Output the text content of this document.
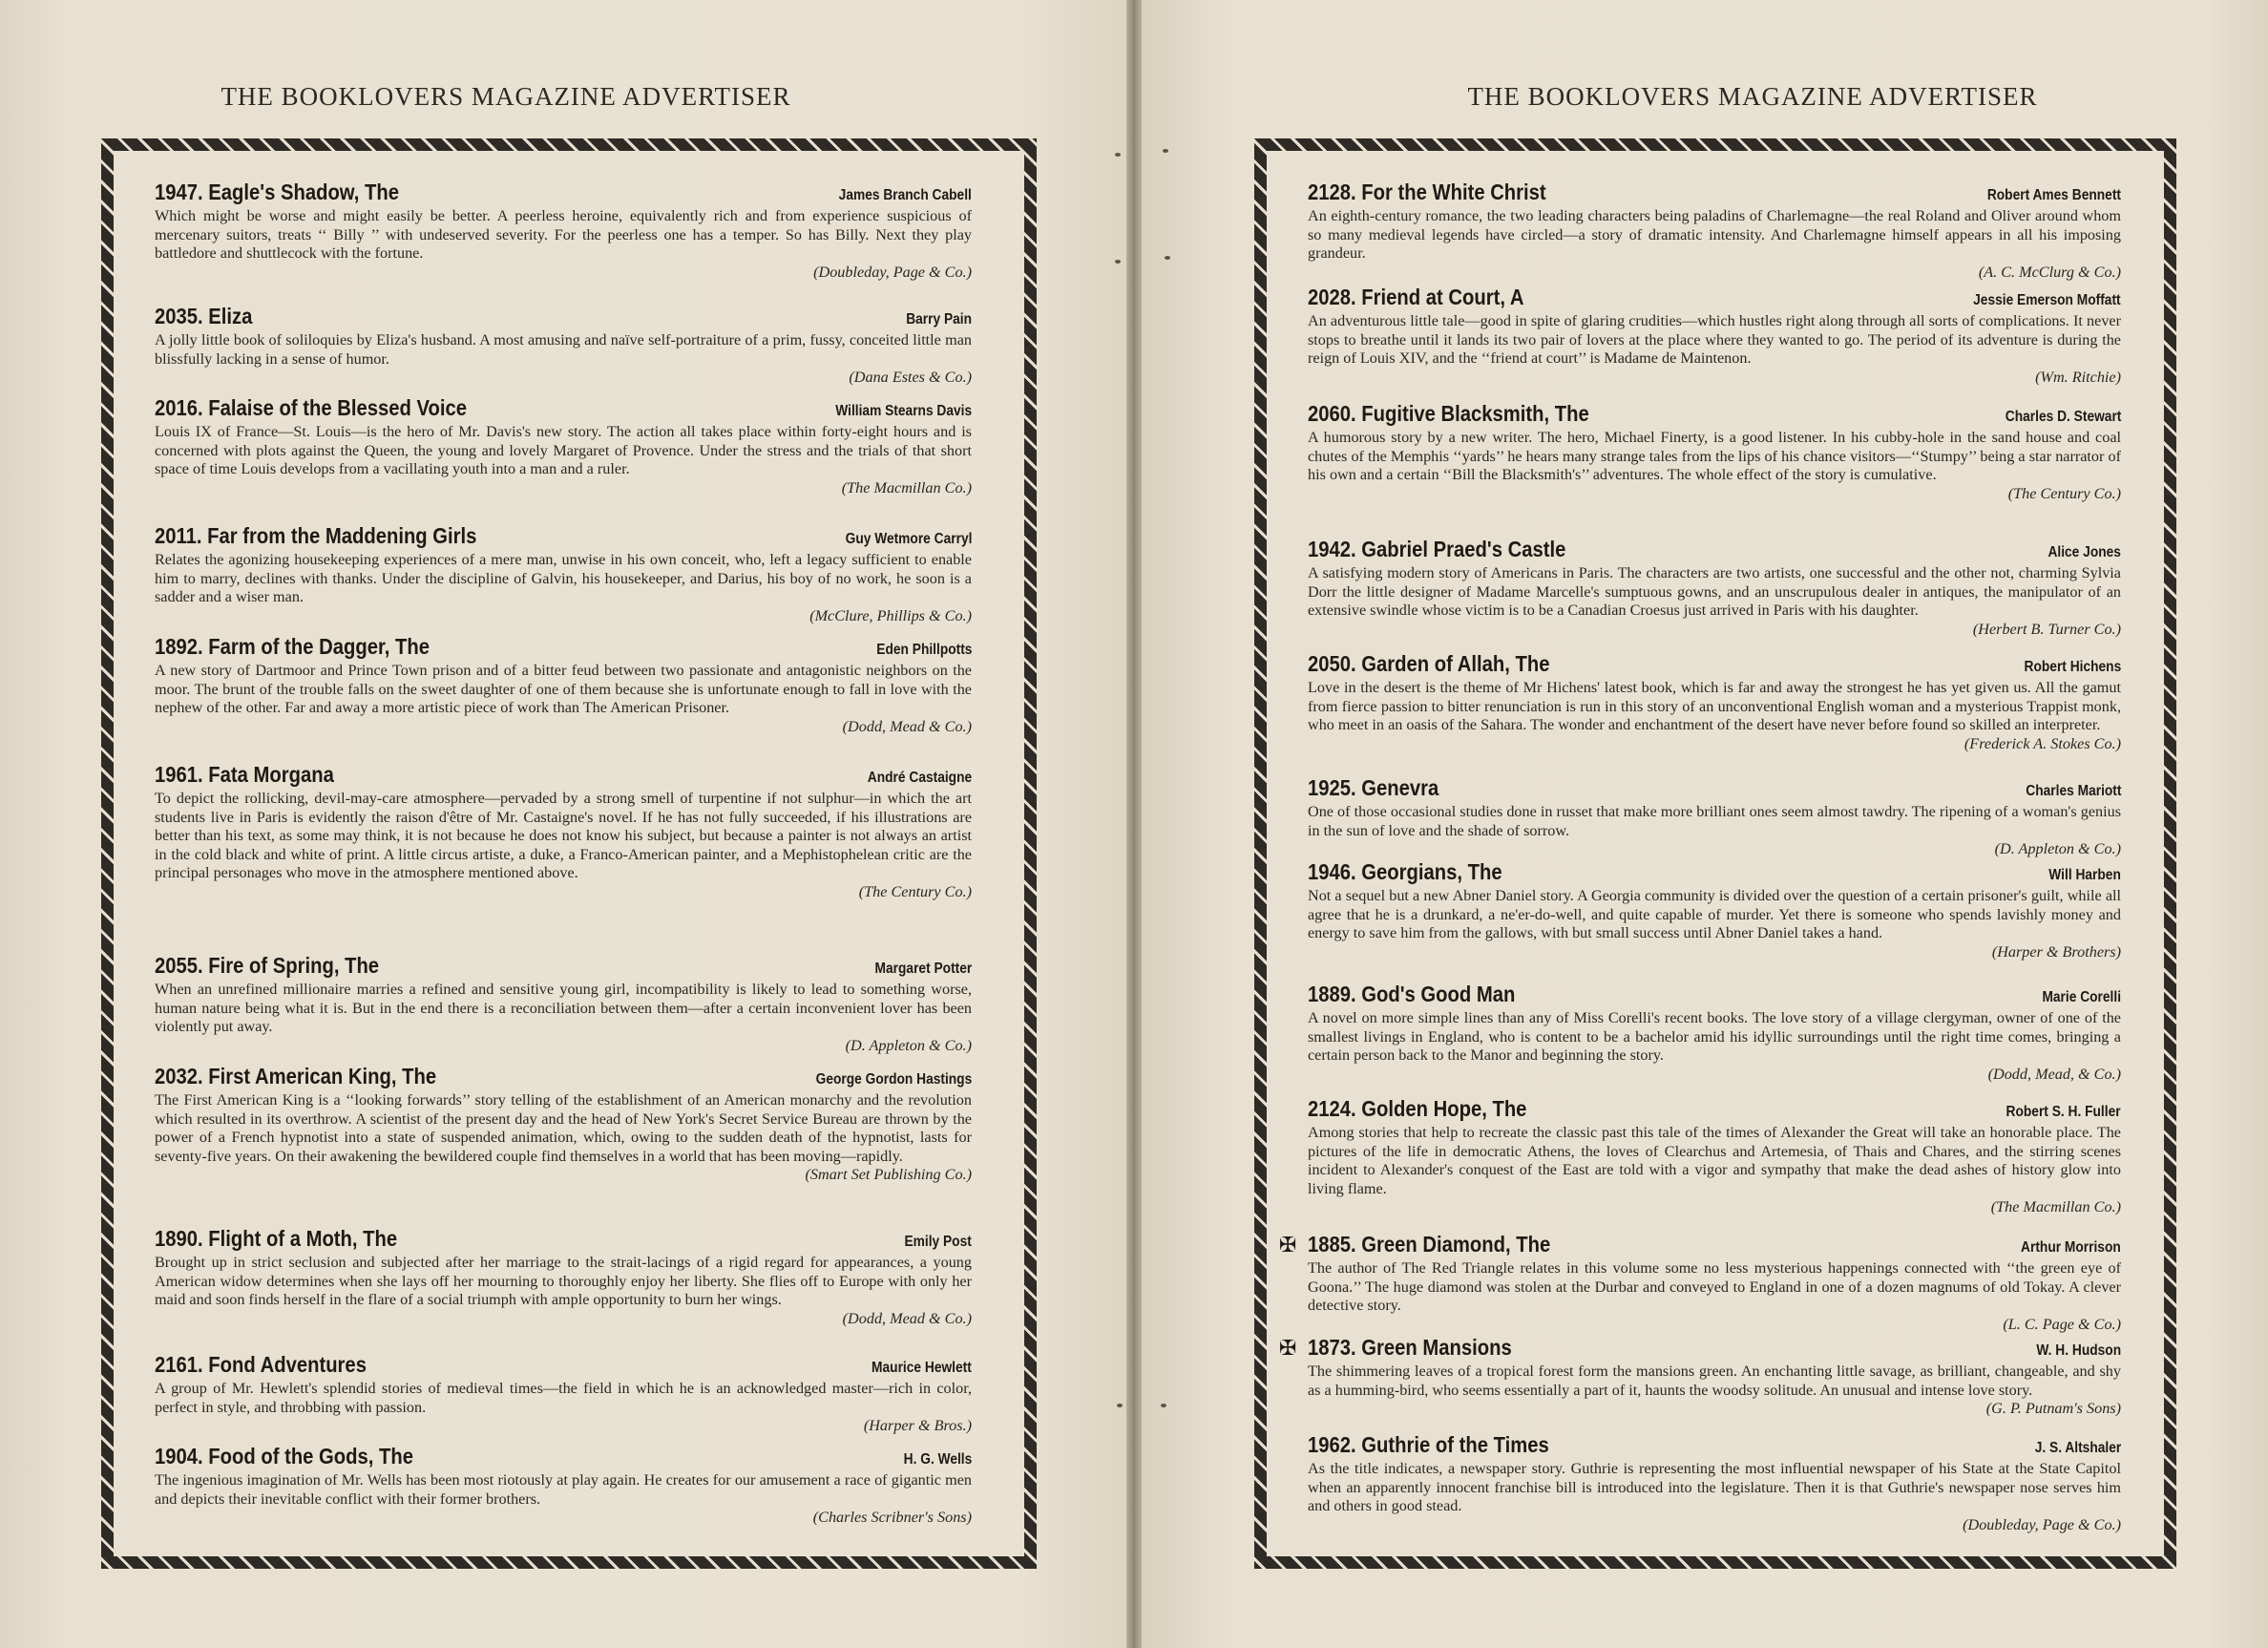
THE BOOKLOVERS MAGAZINE ADVERTISER
1947. Eagle's Shadow, The	James Branch Cabell
Which might be worse and might easily be better. A peerless heroine, equivalently rich and from experience suspicious of mercenary suitors, treats ‘‘ Billy ’’ with undeserved severity. For the peerless one has a temper. So has Billy. Next they play battledore and shuttlecock with the fortune.
(Doubleday, Page & Co.)
2035. Eliza	Barry Pain
A jolly little book of soliloquies by Eliza's husband. A most amusing and naïve self-portraiture of a prim, fussy, conceited little man blissfully lacking in a sense of humor.
(Dana Estes & Co.)
2016. Falaise of the Blessed Voice	William Stearns Davis
Louis IX of France—St. Louis—is the hero of Mr. Davis's new story. The action all takes place within forty-eight hours and is concerned with plots against the Queen, the young and lovely Margaret of Provence. Under the stress and the trials of that short space of time Louis develops from a vacillating youth into a man and a ruler.
(The Macmillan Co.)
2011. Far from the Maddening Girls	Guy Wetmore Carryl
Relates the agonizing housekeeping experiences of a mere man, unwise in his own conceit, who, left a legacy sufficient to enable him to marry, declines with thanks. Under the discipline of Galvin, his housekeeper, and Darius, his boy of no work, he soon is a sadder and a wiser man.
(McClure, Phillips & Co.)
1892. Farm of the Dagger, The	Eden Phillpotts
A new story of Dartmoor and Prince Town prison and of a bitter feud between two passionate and antagonistic neighbors on the moor. The brunt of the trouble falls on the sweet daughter of one of them because she is unfortunate enough to fall in love with the nephew of the other. Far and away a more artistic piece of work than The American Prisoner.
(Dodd, Mead & Co.)
1961. Fata Morgana	André Castaigne
To depict the rollicking, devil-may-care atmosphere—pervaded by a strong smell of turpentine if not sulphur—in which the art students live in Paris is evidently the raison d'être of Mr. Castaigne's novel. If he has not fully succeeded, if his illustrations are better than his text, as some may think, it is not because he does not know his subject, but because a painter is not always an artist in the cold black and white of print. A little circus artiste, a duke, a Franco-American painter, and a Mephistophelean critic are the principal personages who move in the atmosphere mentioned above.
(The Century Co.)
2055. Fire of Spring, The	Margaret Potter
When an unrefined millionaire marries a refined and sensitive young girl, incompatibility is likely to lead to something worse, human nature being what it is. But in the end there is a reconciliation between them—after a certain inconvenient lover has been violently put away.
(D. Appleton & Co.)
2032. First American King, The	George Gordon Hastings
The First American King is a ‘‘looking forwards’’ story telling of the establishment of an American monarchy and the revolution which resulted in its overthrow. A scientist of the present day and the head of New York's Secret Service Bureau are thrown by the power of a French hypnotist into a state of suspended animation, which, owing to the sudden death of the hypnotist, lasts for seventy-five years. On their awakening the bewildered couple find themselves in a world that has been moving—rapidly.
(Smart Set Publishing Co.)
1890. Flight of a Moth, The	Emily Post
Brought up in strict seclusion and subjected after her marriage to the strait-lacings of a rigid regard for appearances, a young American widow determines when she lays off her mourning to thoroughly enjoy her liberty. She flies off to Europe with only her maid and soon finds herself in the flare of a social triumph with ample opportunity to burn her wings.
(Dodd, Mead & Co.)
2161. Fond Adventures	Maurice Hewlett
A group of Mr. Hewlett's splendid stories of medieval times—the field in which he is an acknowledged master—rich in color, perfect in style, and throbbing with passion.
(Harper & Bros.)
1904. Food of the Gods, The	H. G. Wells
The ingenious imagination of Mr. Wells has been most riotously at play again. He creates for our amusement a race of gigantic men and depicts their inevitable conflict with their former brothers.
(Charles Scribner's Sons)
THE BOOKLOVERS MAGAZINE ADVERTISER
2128. For the White Christ	Robert Ames Bennett
An eighth-century romance, the two leading characters being paladins of Charlemagne—the real Roland and Oliver around whom so many medieval legends have circled—a story of dramatic intensity. And Charlemagne himself appears in all his imposing grandeur.
(A. C. McClurg & Co.)
2028. Friend at Court, A	Jessie Emerson Moffatt
An adventurous little tale—good in spite of glaring crudities—which hustles right along through all sorts of complications. It never stops to breathe until it lands its two pair of lovers at the place where they wanted to go. The period of its adventure is during the reign of Louis XIV, and the ‘‘friend at court’’ is Madame de Maintenon.
(Wm. Ritchie)
2060. Fugitive Blacksmith, The	Charles D. Stewart
A humorous story by a new writer. The hero, Michael Finerty, is a good listener. In his cubby-hole in the sand house and coal chutes of the Memphis ‘‘yards’’ he hears many strange tales from the lips of his chance visitors—‘‘Stumpy’’ being a star narrator of his own and a certain ‘‘Bill the Blacksmith's’’ adventures. The whole effect of the story is cumulative.
(The Century Co.)
1942. Gabriel Praed's Castle	Alice Jones
A satisfying modern story of Americans in Paris. The characters are two artists, one successful and the other not, charming Sylvia Dorr the little designer of Madame Marcelle's sumptuous gowns, and an unscrupulous dealer in antiques, the manipulator of an extensive swindle whose victim is to be a Canadian Croesus just arrived in Paris with his daughter.
(Herbert B. Turner Co.)
2050. Garden of Allah, The	Robert Hichens
Love in the desert is the theme of Mr Hichens' latest book, which is far and away the strongest he has yet given us. All the gamut from fierce passion to bitter renunciation is run in this story of an unconventional English woman and a mysterious Trappist monk, who meet in an oasis of the Sahara. The wonder and enchantment of the desert have never before found so skilled an interpreter.
(Frederick A. Stokes Co.)
1925. Genevra	Charles Mariott
One of those occasional studies done in russet that make more brilliant ones seem almost tawdry. The ripening of a woman's genius in the sun of love and the shade of sorrow.
(D. Appleton & Co.)
1946. Georgians, The	Will Harben
Not a sequel but a new Abner Daniel story. A Georgia community is divided over the question of a certain prisoner's guilt, while all agree that he is a drunkard, a ne'er-do-well, and quite capable of murder. Yet there is someone who spends lavishly money and energy to save him from the gallows, with but small success until Abner Daniel takes a hand.
(Harper & Brothers)
1889. God's Good Man	Marie Corelli
A novel on more simple lines than any of Miss Corelli's recent books. The love story of a village clergyman, owner of one of the smallest livings in England, who is content to be a bachelor amid his idyllic surroundings until the right time comes, bringing a certain person back to the Manor and beginning the story.
(Dodd, Mead, & Co.)
2124. Golden Hope, The	Robert S. H. Fuller
Among stories that help to recreate the classic past this tale of the times of Alexander the Great will take an honorable place. The pictures of the life in democratic Athens, the loves of Clearchus and Artemesia, of Thais and Chares, and the stirring scenes incident to Alexander's conquest of the East are told with a vigor and sympathy that make the dead ashes of history glow into living flame.
(The Macmillan Co.)
✠ 1885. Green Diamond, The	Arthur Morrison
The author of The Red Triangle relates in this volume some no less mysterious happenings connected with ‘‘the green eye of Goona.’’ The huge diamond was stolen at the Durbar and conveyed to England in one of a dozen magnums of old Tokay. A clever detective story.
(L. C. Page & Co.)
✠ 1873. Green Mansions	W. H. Hudson
The shimmering leaves of a tropical forest form the mansions green. An enchanting little savage, as brilliant, changeable, and shy as a humming-bird, who seems essentially a part of it, haunts the woodsy solitude. An unusual and intense love story.
(G. P. Putnam's Sons)
1962. Guthrie of the Times	J. S. Altshaler
As the title indicates, a newspaper story. Guthrie is representing the most influential newspaper of his State at the State Capitol when an apparently innocent franchise bill is introduced into the legislature. Then it is that Guthrie's newspaper nose serves him and others in good stead.
(Doubleday, Page & Co.)
